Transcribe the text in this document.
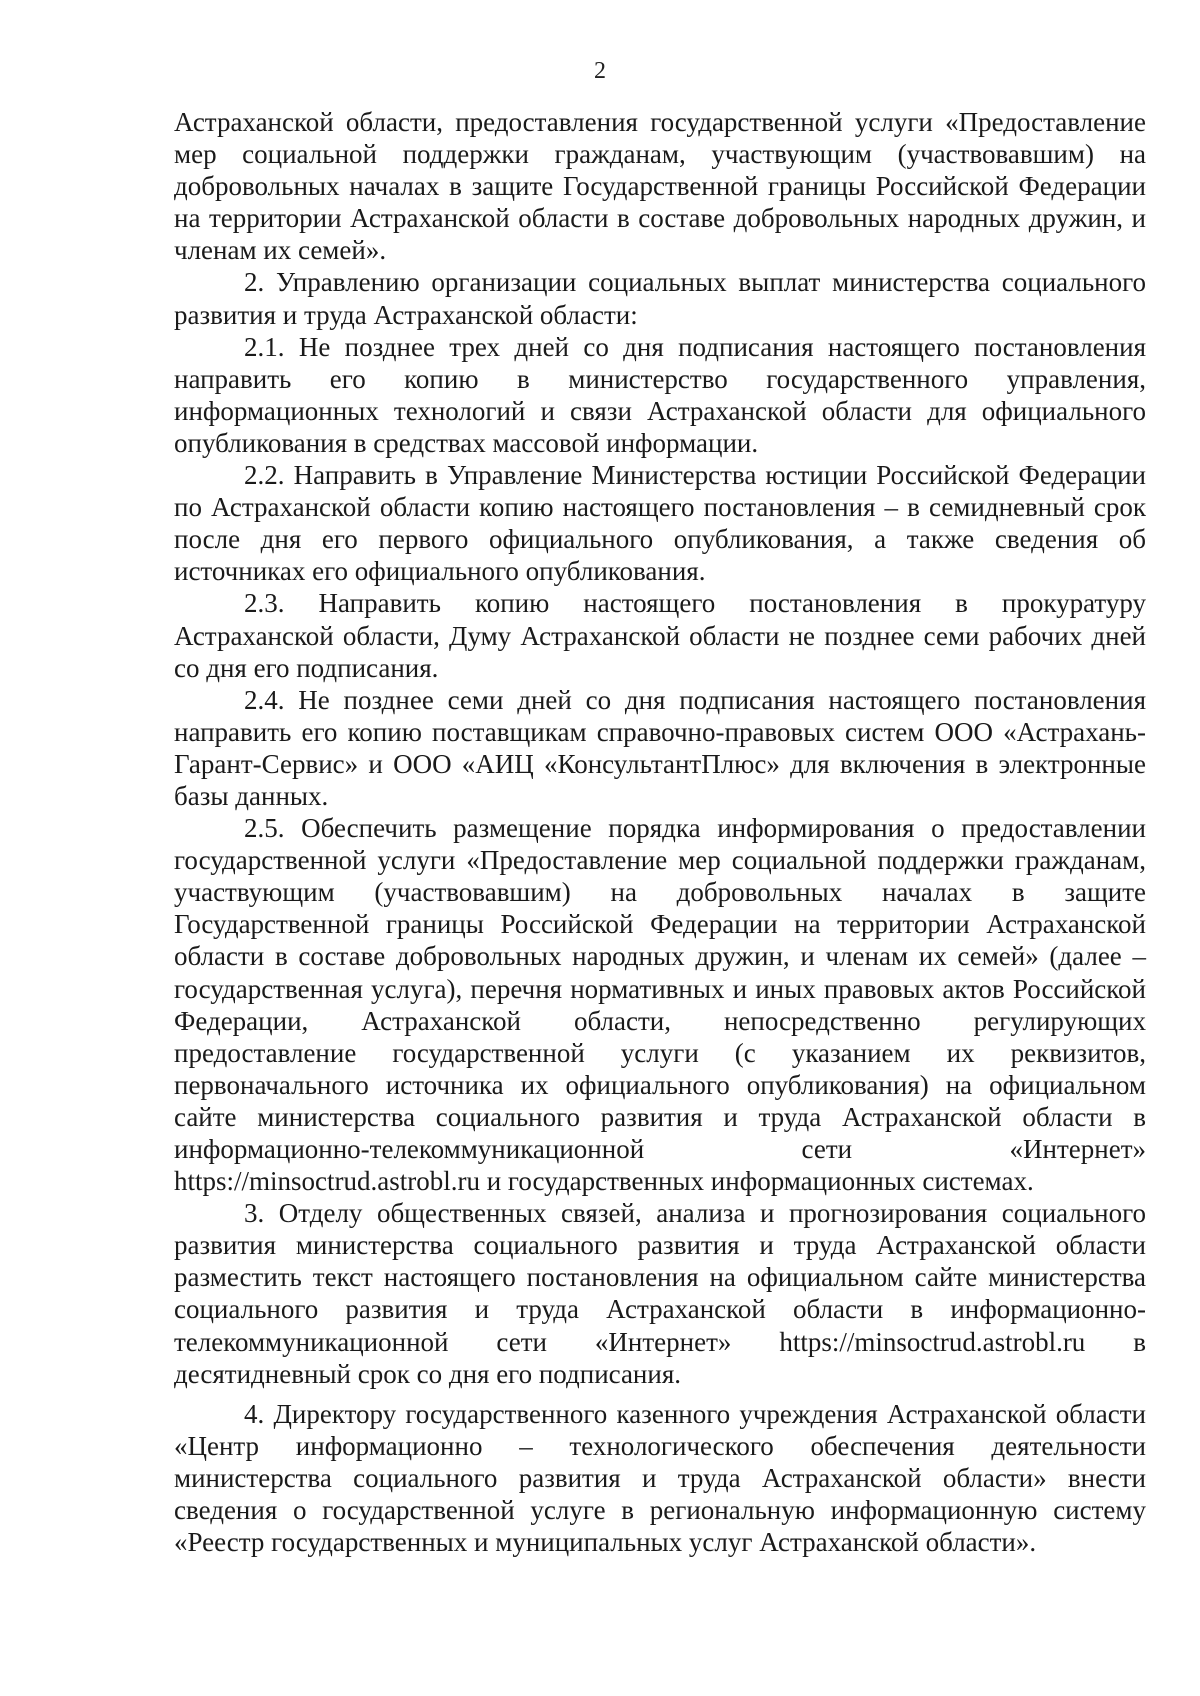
2

Астраханской области, предоставления государственной услуги «Предоставление мер социальной поддержки гражданам, участвующим (участвовавшим) на добровольных началах в защите Государственной границы Российской Федерации на территории Астраханской области в составе добровольных народных дружин, и членам их семей».

2. Управлению организации социальных выплат министерства социального развития и труда Астраханской области:

2.1. Не позднее трех дней со дня подписания настоящего постановления направить его копию в министерство государственного управления, информационных технологий и связи Астраханской области для официального опубликования в средствах массовой информации.

2.2. Направить в Управление Министерства юстиции Российской Федерации по Астраханской области копию настоящего постановления – в семидневный срок после дня его первого официального опубликования, а также сведения об источниках его официального опубликования.

2.3. Направить копию настоящего постановления в прокуратуру Астраханской области, Думу Астраханской области не позднее семи рабочих дней со дня его подписания.

2.4. Не позднее семи дней со дня подписания настоящего постановления направить его копию поставщикам справочно-правовых систем ООО «Астрахань-Гарант-Сервис» и ООО «АИЦ «КонсультантПлюс» для включения в электронные базы данных.

2.5. Обеспечить размещение порядка информирования о предоставлении государственной услуги «Предоставление мер социальной поддержки гражданам, участвующим (участвовавшим) на добровольных началах в защите Государственной границы Российской Федерации на территории Астраханской области в составе добровольных народных дружин, и членам их семей» (далее – государственная услуга), перечня нормативных и иных правовых актов Российской Федерации, Астраханской области, непосредственно регулирующих предоставление государственной услуги (с указанием их реквизитов, первоначального источника их официального опубликования) на официальном сайте министерства социального развития и труда Астраханской области в информационно-телекоммуникационной сети «Интернет» https://minsoctrud.astrobl.ru и государственных информационных системах.

3. Отделу общественных связей, анализа и прогнозирования социального развития министерства социального развития и труда Астраханской области разместить текст настоящего постановления на официальном сайте министерства социального развития и труда Астраханской области в информационно-телекоммуникационной сети «Интернет» https://minsoctrud.astrobl.ru в десятидневный срок со дня его подписания.

4. Директору государственного казенного учреждения Астраханской области «Центр информационно – технологического обеспечения деятельности министерства социального развития и труда Астраханской области» внести сведения о государственной услуге в региональную информационную систему «Реестр государственных и муниципальных услуг Астраханской области».
